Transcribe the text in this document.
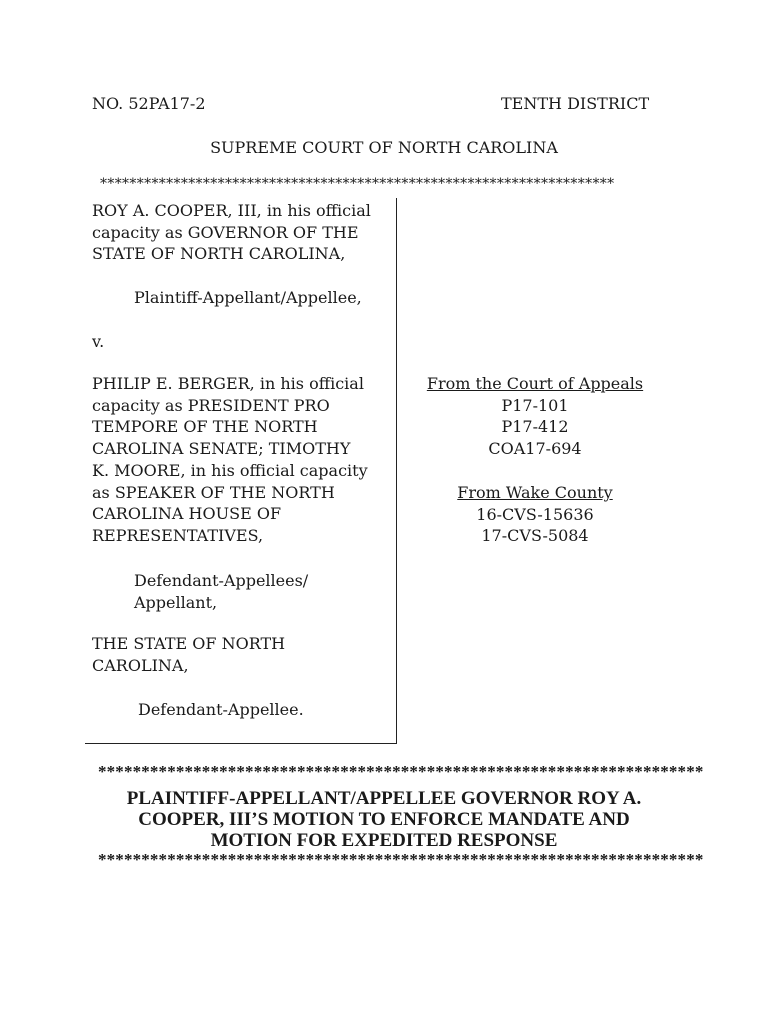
NO. 52PA17-2	TENTH DISTRICT
SUPREME COURT OF NORTH CAROLINA
**********************************************************************
ROY A. COOPER, III, in his official
capacity as GOVERNOR OF THE
STATE OF NORTH CAROLINA,
Plaintiff-Appellant/Appellee,
v.
PHILIP E. BERGER, in his official
capacity as PRESIDENT PRO
TEMPORE OF THE NORTH
CAROLINA SENATE; TIMOTHY
K. MOORE, in his official capacity
as SPEAKER OF THE NORTH
CAROLINA HOUSE OF
REPRESENTATIVES,
Defendant-Appellees/
Appellant,
THE STATE OF NORTH
CAROLINA,
Defendant-Appellee.
From the Court of Appeals
P17-101
P17-412
COA17-694
From Wake County
16-CVS-15636
17-CVS-5084
**********************************************************************
PLAINTIFF-APPELLANT/APPELLEE GOVERNOR ROY A.
COOPER, III’S MOTION TO ENFORCE MANDATE AND
MOTION FOR EXPEDITED RESPONSE
**********************************************************************
